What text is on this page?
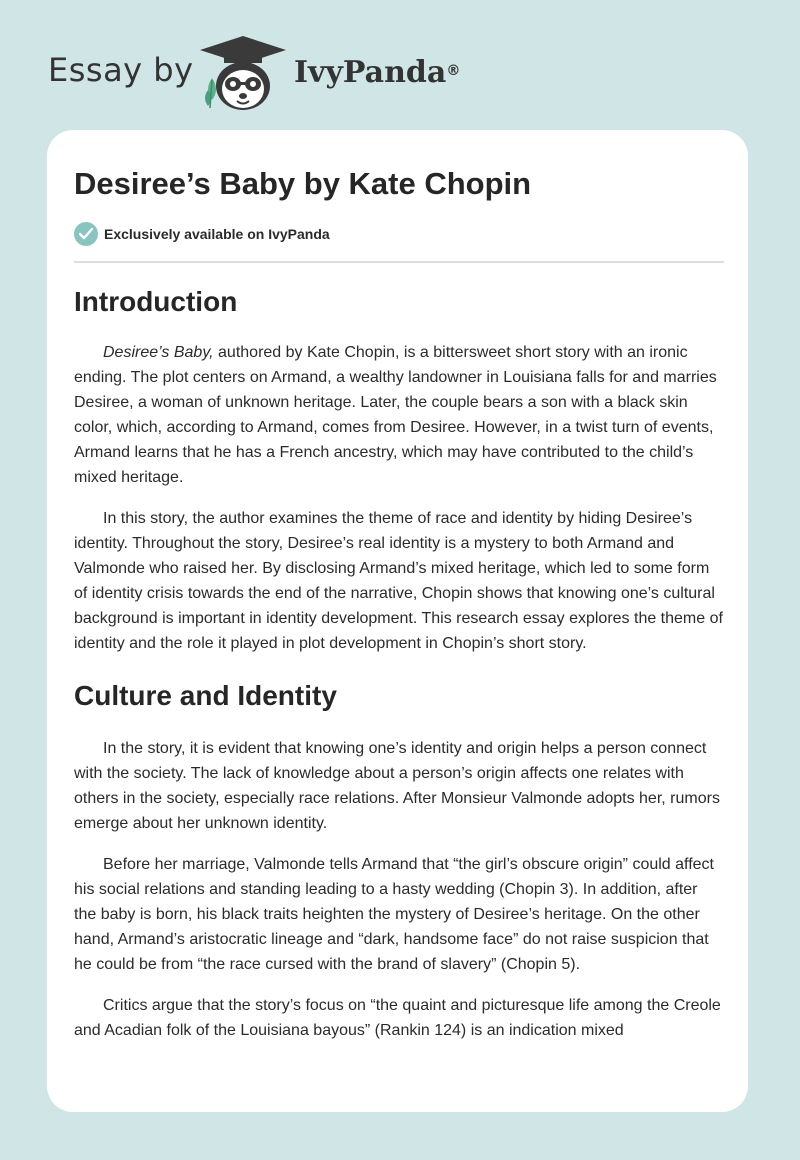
Essay by	IvyPanda®
Desiree’s Baby by Kate Chopin
Exclusively available on IvyPanda
Introduction

Desiree’s Baby, authored by Kate Chopin, is a bittersweet short story with an ironic ending. The plot centers on Armand, a wealthy landowner in Louisiana falls for and marries Desiree, a woman of unknown heritage. Later, the couple bears a son with a black skin color, which, according to Armand, comes from Desiree. However, in a twist turn of events, Armand learns that he has a French ancestry, which may have contributed to the child’s mixed heritage.

In this story, the author examines the theme of race and identity by hiding Desiree’s identity. Throughout the story, Desiree’s real identity is a mystery to both Armand and Valmonde who raised her. By disclosing Armand’s mixed heritage, which led to some form of identity crisis towards the end of the narrative, Chopin shows that knowing one’s cultural background is important in identity development. This research essay explores the theme of identity and the role it played in plot development in Chopin’s short story.

Culture and Identity

In the story, it is evident that knowing one’s identity and origin helps a person connect with the society. The lack of knowledge about a person’s origin affects one relates with others in the society, especially race relations. After Monsieur Valmonde adopts her, rumors emerge about her unknown identity.

Before her marriage, Valmonde tells Armand that “the girl’s obscure origin” could affect his social relations and standing leading to a hasty wedding (Chopin 3). In addition, after the baby is born, his black traits heighten the mystery of Desiree’s heritage. On the other hand, Armand’s aristocratic lineage and “dark, handsome face” do not raise suspicion that he could be from “the race cursed with the brand of slavery” (Chopin 5).

Critics argue that the story’s focus on “the quaint and picturesque life among the Creole and Acadian folk of the Louisiana bayous” (Rankin 124) is an indication mixed
